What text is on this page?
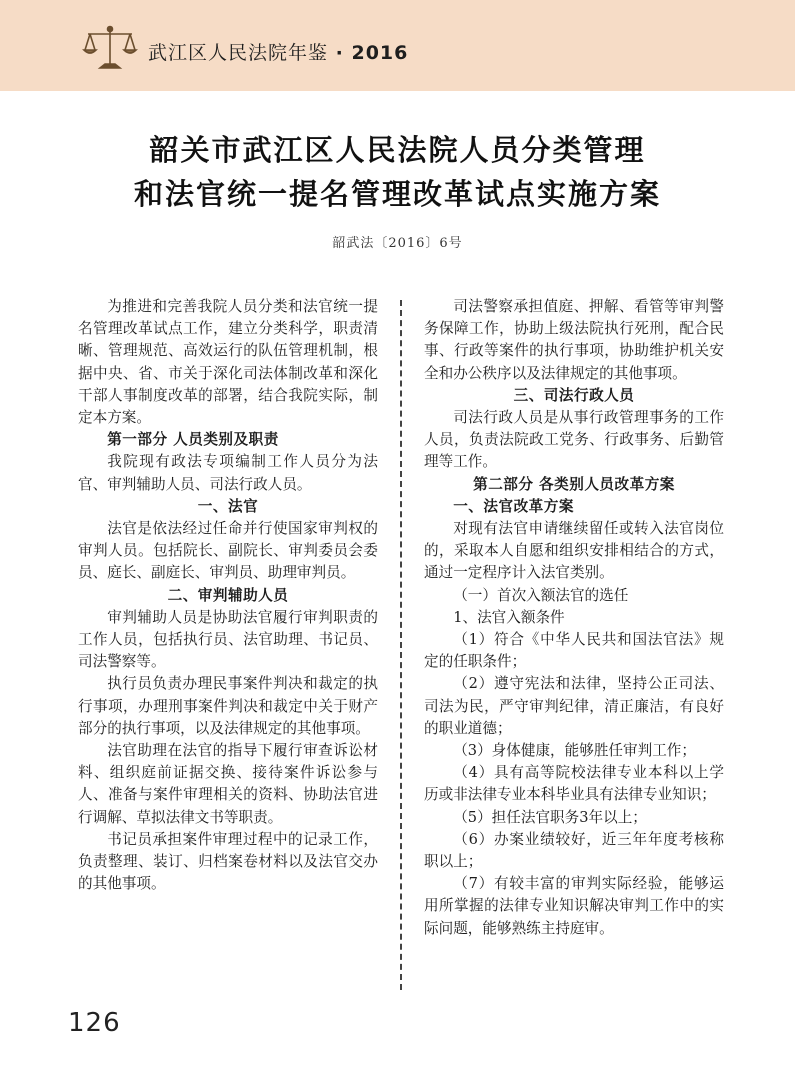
武江区人民法院年鉴 · 2016
韶关市武江区人民法院人员分类管理
和法官统一提名管理改革试点实施方案
韶武法〔2016〕6号

为推进和完善我院人员分类和法官统一提名管理改革试点工作，建立分类科学，职责清晰、管理规范、高效运行的队伍管理机制，根据中央、省、市关于深化司法体制改革和深化干部人事制度改革的部署，结合我院实际，制定本方案。

第一部分 人员类别及职责

我院现有政法专项编制工作人员分为法官、审判辅助人员、司法行政人员。

一、法官

法官是依法经过任命并行使国家审判权的审判人员。包括院长、副院长、审判委员会委员、庭长、副庭长、审判员、助理审判员。

二、审判辅助人员

审判辅助人员是协助法官履行审判职责的工作人员，包括执行员、法官助理、书记员、司法警察等。

执行员负责办理民事案件判决和裁定的执行事项，办理刑事案件判决和裁定中关于财产部分的执行事项，以及法律规定的其他事项。

法官助理在法官的指导下履行审查诉讼材料、组织庭前证据交换、接待案件诉讼参与人、准备与案件审理相关的资料、协助法官进行调解、草拟法律文书等职责。

书记员承担案件审理过程中的记录工作，负责整理、装订、归档案卷材料以及法官交办的其他事项。

司法警察承担值庭、押解、看管等审判警务保障工作，协助上级法院执行死刑，配合民事、行政等案件的执行事项，协助维护机关安全和办公秩序以及法律规定的其他事项。

三、司法行政人员

司法行政人员是从事行政管理事务的工作人员，负责法院政工党务、行政事务、后勤管理等工作。

第二部分 各类别人员改革方案
一、法官改革方案

对现有法官申请继续留任或转入法官岗位的，采取本人自愿和组织安排相结合的方式，通过一定程序计入法官类别。

（一）首次入额法官的选任

1、法官入额条件

（1）符合《中华人民共和国法官法》规定的任职条件；

（2）遵守宪法和法律，坚持公正司法、司法为民，严守审判纪律，清正廉洁，有良好的职业道德；

（3）身体健康，能够胜任审判工作；

（4）具有高等院校法律专业本科以上学历或非法律专业本科毕业具有法律专业知识；

（5）担任法官职务3年以上；

（6）办案业绩较好，近三年年度考核称职以上；

（7）有较丰富的审判实际经验，能够运用所掌握的法律专业知识解决审判工作中的实际问题，能够熟练主持庭审。

126
